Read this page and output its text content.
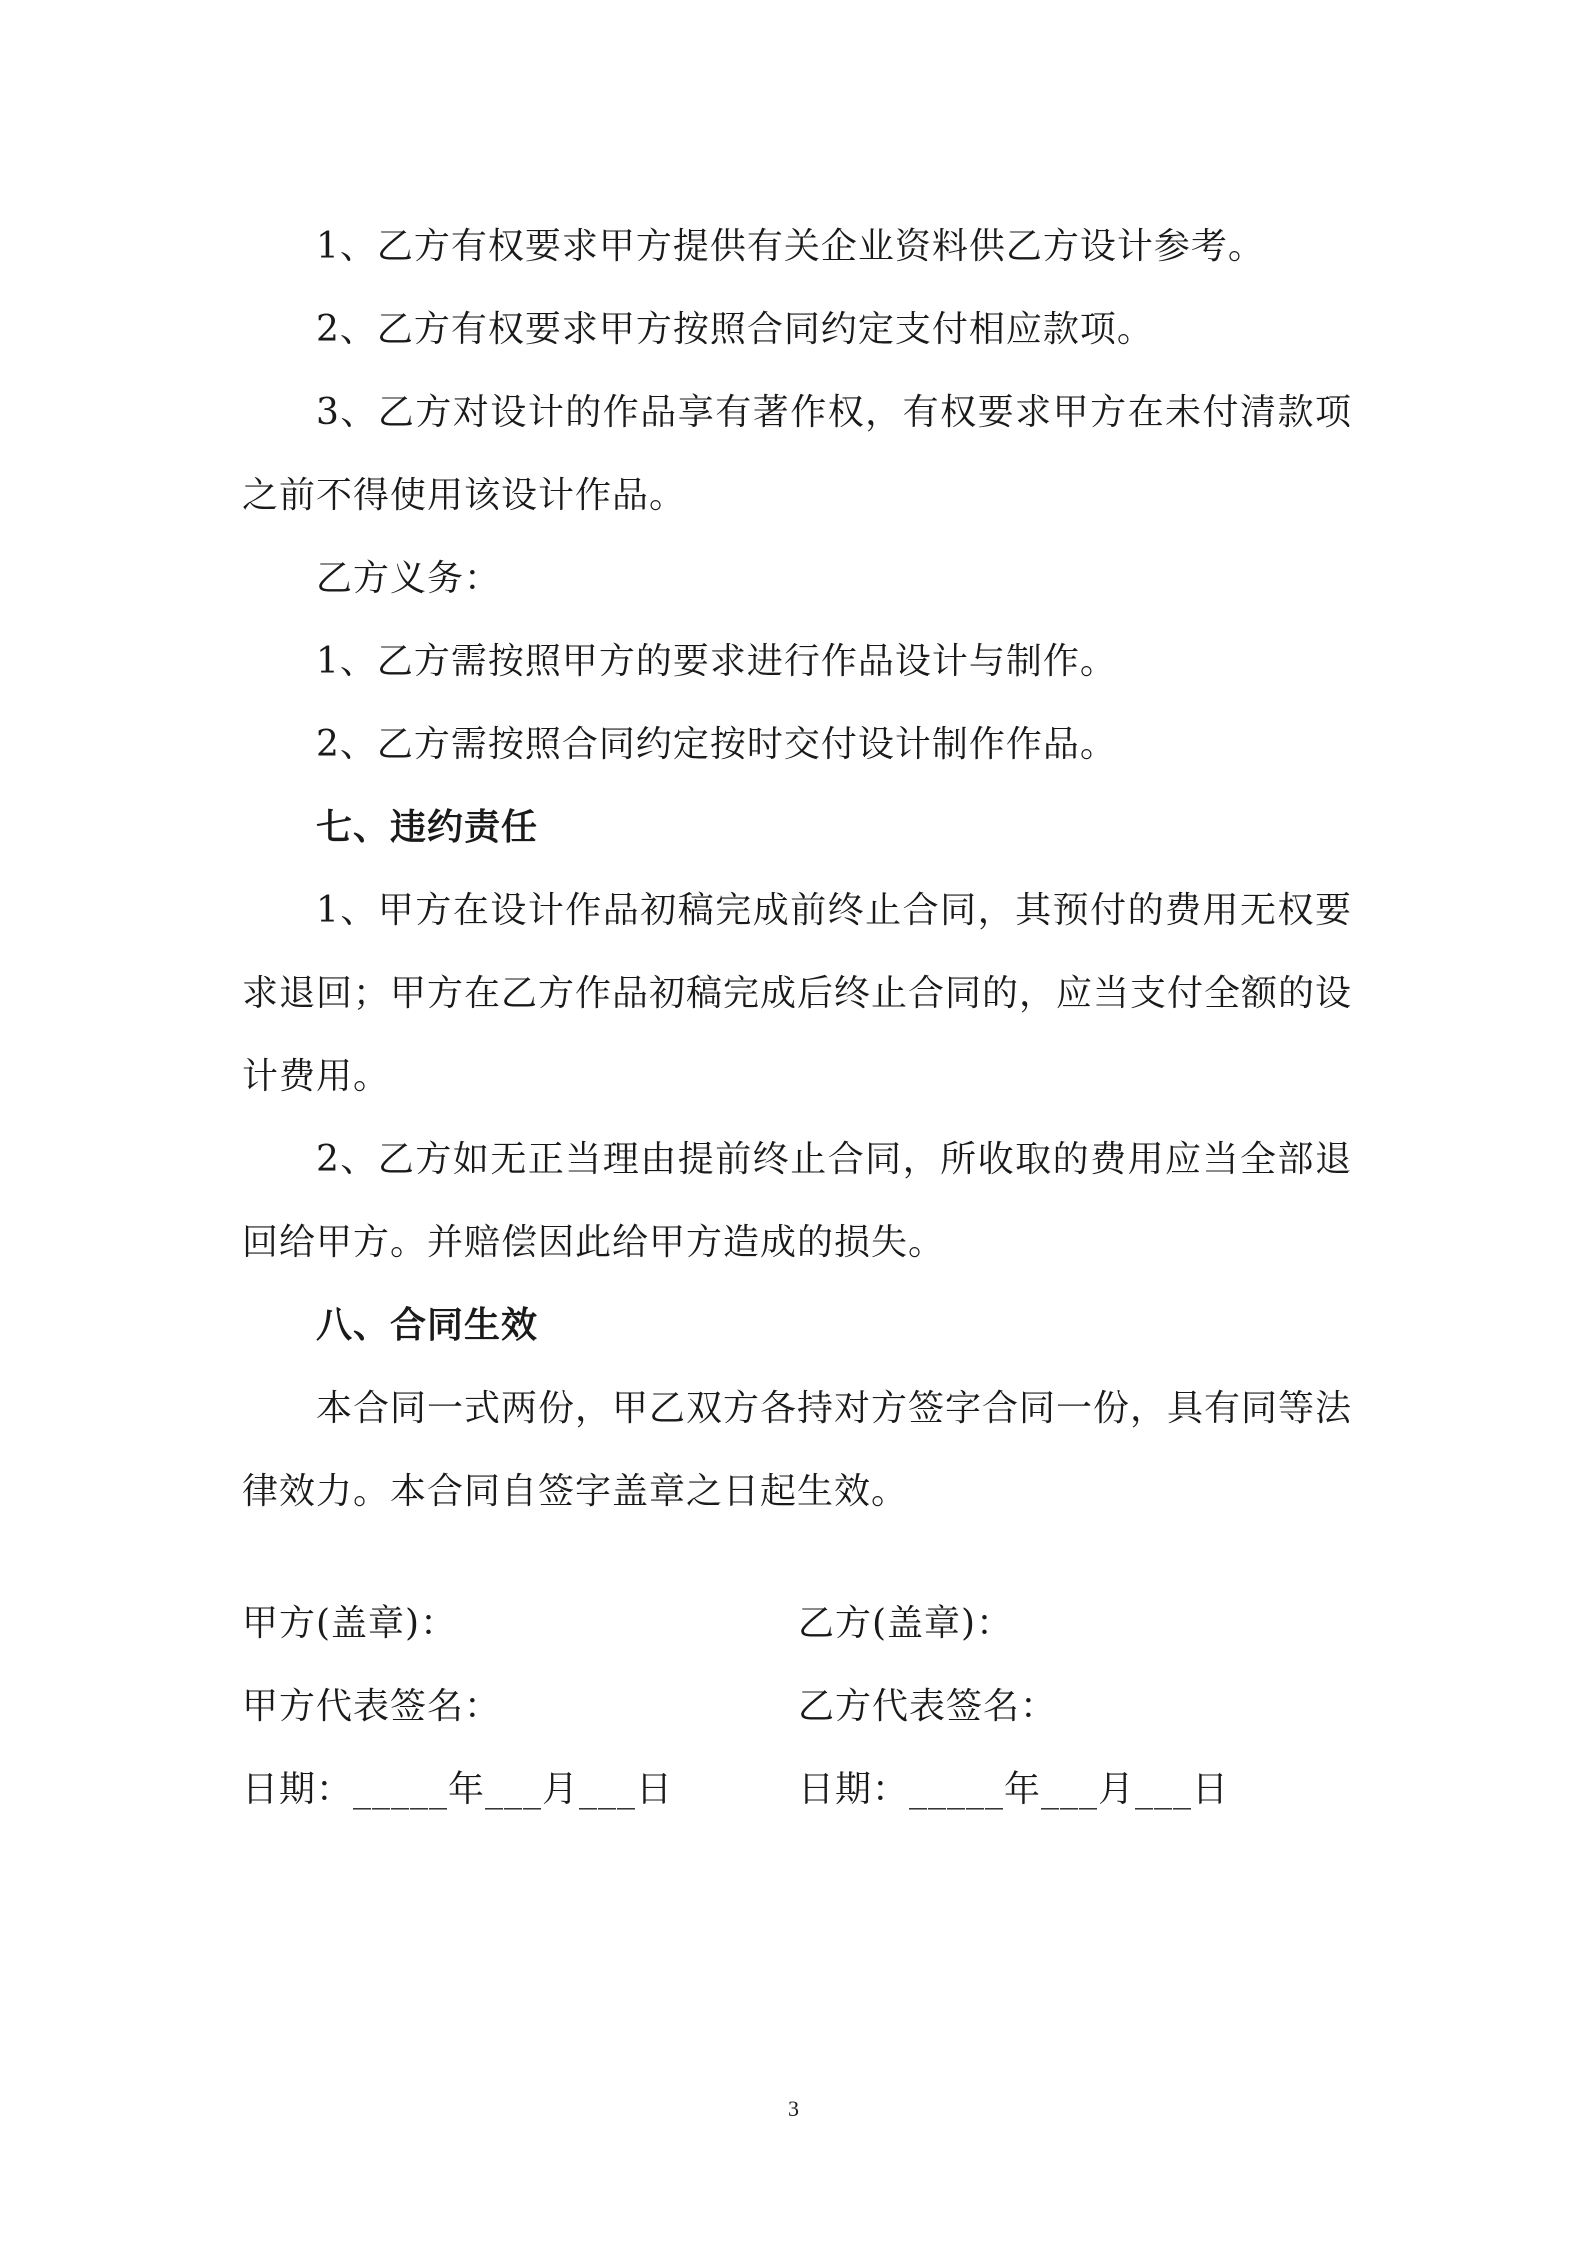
1、乙方有权要求甲方提供有关企业资料供乙方设计参考。

2、乙方有权要求甲方按照合同约定支付相应款项。

3、乙方对设计的作品享有著作权，有权要求甲方在未付清款项之前不得使用该设计作品。

乙方义务：

1、乙方需按照甲方的要求进行作品设计与制作。

2、乙方需按照合同约定按时交付设计制作作品。

七、违约责任

1、甲方在设计作品初稿完成前终止合同，其预付的费用无权要求退回；甲方在乙方作品初稿完成后终止合同的，应当支付全额的设计费用。

2、乙方如无正当理由提前终止合同，所收取的费用应当全部退回给甲方。并赔偿因此给甲方造成的损失。

八、合同生效

本合同一式两份，甲乙双方各持对方签字合同一份，具有同等法律效力。本合同自签字盖章之日起生效。

甲方(盖章)：	乙方(盖章)：
甲方代表签名：	乙方代表签名：
日期：_____年___月___日	日期：_____年___月___日
3
